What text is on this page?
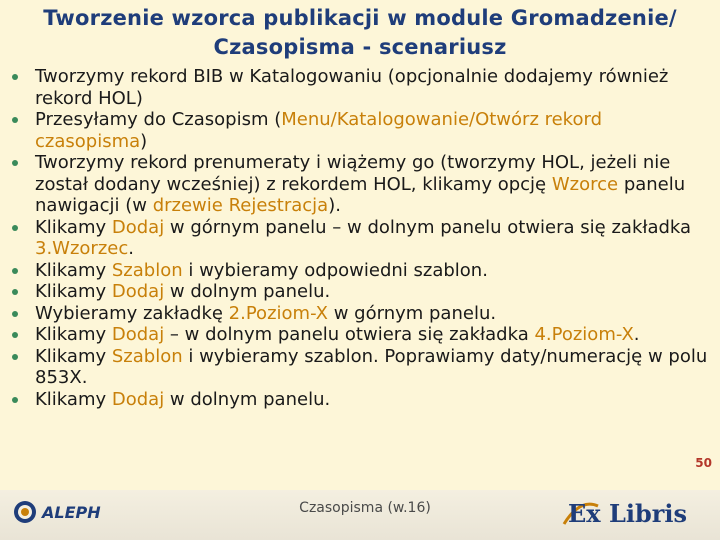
Tworzenie wzorca publikacji w module Gromadzenie/
Czasopisma - scenariusz
Tworzymy rekord BIB w Katalogowaniu (opcjonalnie dodajemy również rekord HOL)
Przesyłamy do Czasopism (Menu/Katalogowanie/Otwórz rekord czasopisma)
Tworzymy rekord prenumeraty i wiążemy go (tworzymy HOL, jeżeli nie został dodany wcześniej) z rekordem HOL, klikamy opcję Wzorce panelu nawigacji (w drzewie Rejestracja).
Klikamy Dodaj w górnym panelu – w dolnym panelu otwiera się zakładka 3.Wzorzec.
Klikamy Szablon i wybieramy odpowiedni szablon.
Klikamy Dodaj w dolnym panelu.
Wybieramy zakładkę 2.Poziom-X w górnym panelu.
Klikamy Dodaj – w dolnym panelu otwiera się zakładka 4.Poziom-X.
Klikamy Szablon i wybieramy szablon. Poprawiamy daty/numerację w polu 853X.
Klikamy Dodaj w dolnym panelu.
50
ALEPH	Czasopisma (w.16)	Ex Libris
